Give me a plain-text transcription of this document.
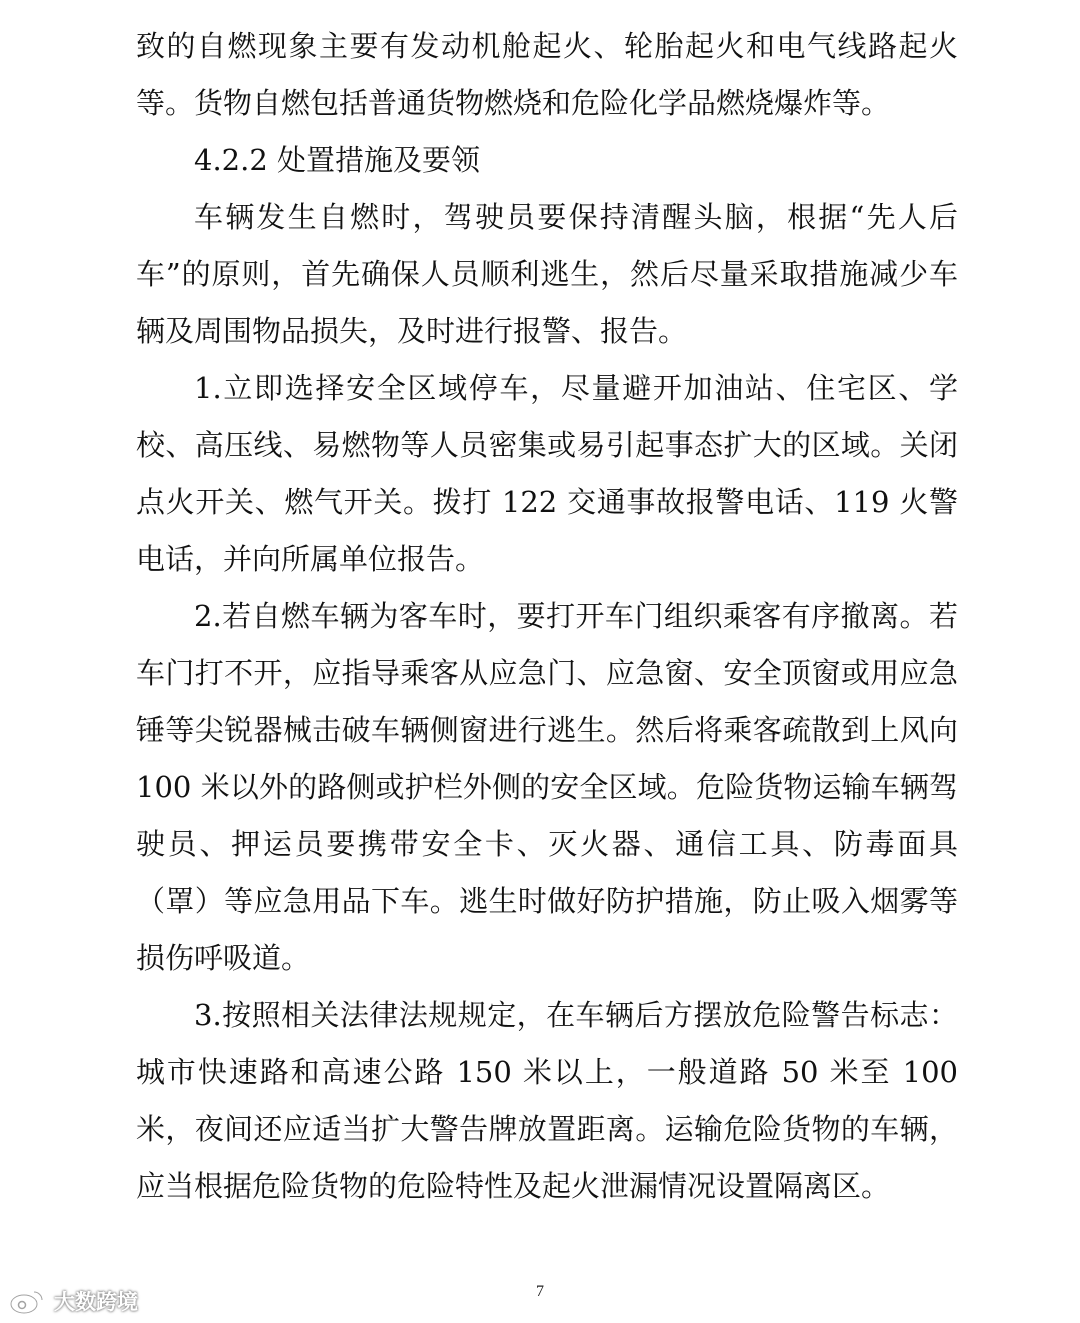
致的自燃现象主要有发动机舱起火、轮胎起火和电气线路起火等。货物自燃包括普通货物燃烧和危险化学品燃烧爆炸等。

4.2.2 处置措施及要领

车辆发生自燃时，驾驶员要保持清醒头脑，根据“先人后车”的原则，首先确保人员顺利逃生，然后尽量采取措施减少车辆及周围物品损失，及时进行报警、报告。

1.立即选择安全区域停车，尽量避开加油站、住宅区、学校、高压线、易燃物等人员密集或易引起事态扩大的区域。关闭点火开关、燃气开关。拨打 122 交通事故报警电话、119 火警电话，并向所属单位报告。

2.若自燃车辆为客车时，要打开车门组织乘客有序撤离。若车门打不开，应指导乘客从应急门、应急窗、安全顶窗或用应急锤等尖锐器械击破车辆侧窗进行逃生。然后将乘客疏散到上风向100 米以外的路侧或护栏外侧的安全区域。危险货物运输车辆驾驶员、押运员要携带安全卡、灭火器、通信工具、防毒面具（罩）等应急用品下车。逃生时做好防护措施，防止吸入烟雾等损伤呼吸道。

3.按照相关法律法规规定，在车辆后方摆放危险警告标志：城市快速路和高速公路 150 米以上，一般道路 50 米至 100 米，夜间还应适当扩大警告牌放置距离。运输危险货物的车辆，应当根据危险货物的危险特性及起火泄漏情况设置隔离区。

7
大数跨境
